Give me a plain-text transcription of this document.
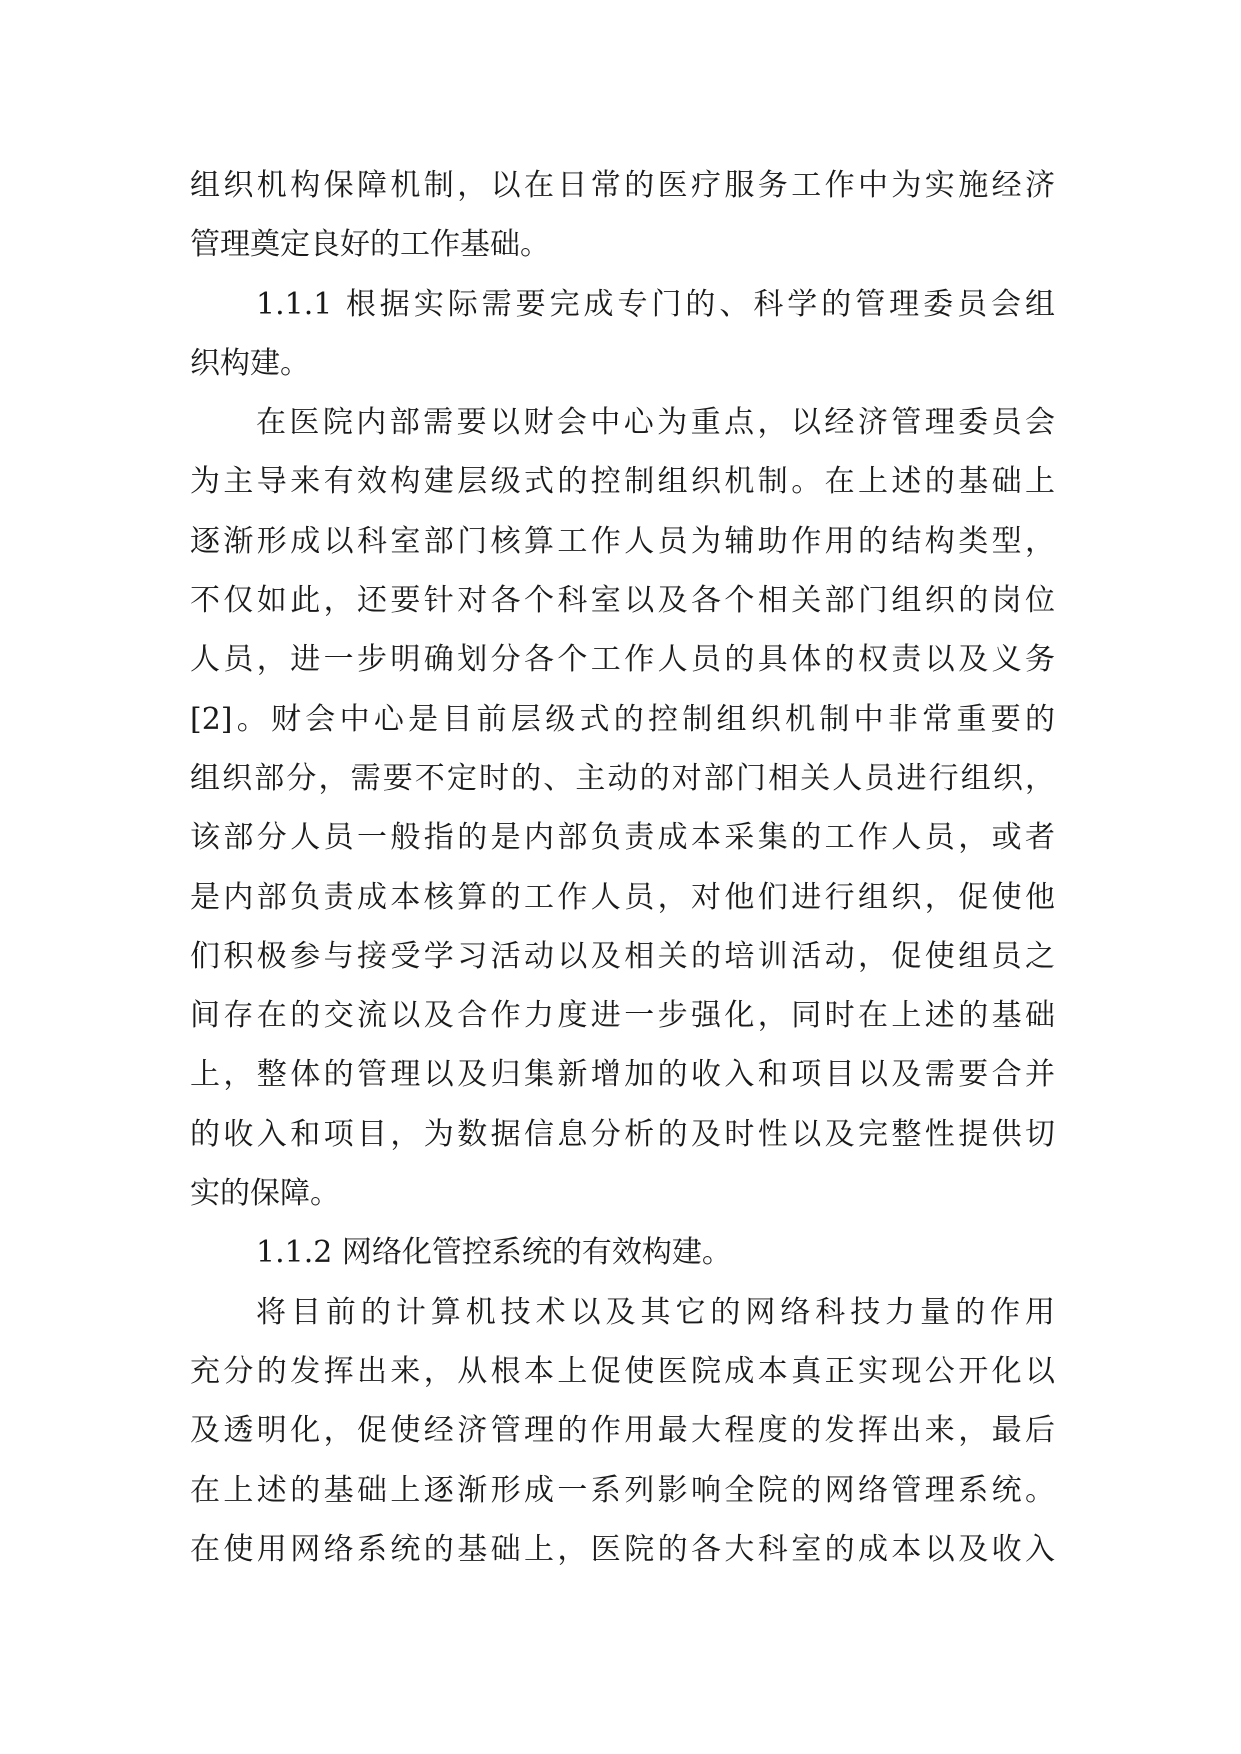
组织机构保障机制，以在日常的医疗服务工作中为实施经济
管理奠定良好的工作基础。
1.1.1 根据实际需要完成专门的、科学的管理委员会组
织构建。
在医院内部需要以财会中心为重点，以经济管理委员会
为主导来有效构建层级式的控制组织机制。在上述的基础上
逐渐形成以科室部门核算工作人员为辅助作用的结构类型，
不仅如此，还要针对各个科室以及各个相关部门组织的岗位
人员，进一步明确划分各个工作人员的具体的权责以及义务
[2]。财会中心是目前层级式的控制组织机制中非常重要的
组织部分，需要不定时的、主动的对部门相关人员进行组织，
该部分人员一般指的是内部负责成本采集的工作人员，或者
是内部负责成本核算的工作人员，对他们进行组织，促使他
们积极参与接受学习活动以及相关的培训活动，促使组员之
间存在的交流以及合作力度进一步强化，同时在上述的基础
上，整体的管理以及归集新增加的收入和项目以及需要合并
的收入和项目，为数据信息分析的及时性以及完整性提供切
实的保障。
1.1.2 网络化管控系统的有效构建。
将目前的计算机技术以及其它的网络科技力量的作用
充分的发挥出来，从根本上促使医院成本真正实现公开化以
及透明化，促使经济管理的作用最大程度的发挥出来，最后
在上述的基础上逐渐形成一系列影响全院的网络管理系统。
在使用网络系统的基础上，医院的各大科室的成本以及收入
